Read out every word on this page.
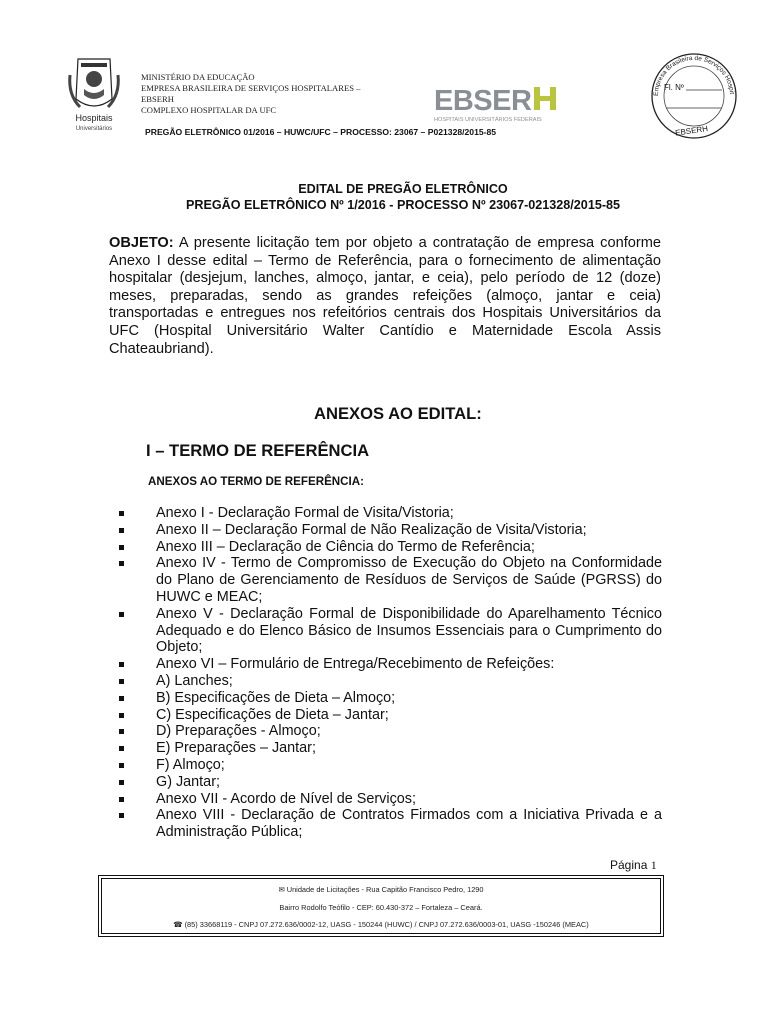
Hospitais
Universitários
MINISTÉRIO DA EDUCAÇÃO
EMPRESA BRASILEIRA DE SERVIÇOS HOSPITALARES –
EBSERH
COMPLEXO HOSPITALAR DA UFC	EBSER
HOSPITAIS UNIVERSITÁRIOS FEDERAIS
Empresa Brasileira de Serviços Hospit
Fl. Nº
EBSERH
PREGÃO ELETRÔNICO 01/2016 – HUWC/UFC – PROCESSO: 23067 – P021328/2015-85
EDITAL DE PREGÃO ELETRÔNICO
PREGÃO ELETRÔNICO Nº 1/2016 - PROCESSO Nº 23067-021328/2015-85
OBJETO: A presente licitação tem por objeto a contratação de empresa conforme Anexo I desse edital – Termo de Referência, para o fornecimento de alimentação hospitalar (desjejum, lanches, almoço, jantar, e ceia), pelo período de 12 (doze) meses, preparadas, sendo as grandes refeições (almoço, jantar e ceia) transportadas e entregues nos refeitórios centrais dos Hospitais Universitários da UFC (Hospital Universitário Walter Cantídio e Maternidade Escola Assis Chateaubriand).
ANEXOS AO EDITAL:
I – TERMO DE REFERÊNCIA
ANEXOS AO TERMO DE REFERÊNCIA:
Anexo I - Declaração Formal de Visita/Vistoria;
Anexo II – Declaração Formal de Não Realização de Visita/Vistoria;
Anexo III – Declaração de Ciência do Termo de Referência;
Anexo IV - Termo de Compromisso de Execução do Objeto na Conformidade do Plano de Gerenciamento de Resíduos de Serviços de Saúde (PGRSS) do HUWC e MEAC;
Anexo V - Declaração Formal de Disponibilidade do Aparelhamento Técnico Adequado e do Elenco Básico de Insumos Essenciais para o Cumprimento do Objeto;
Anexo VI – Formulário de Entrega/Recebimento de Refeições:
A) Lanches;
B) Especificações de Dieta – Almoço;
C) Especificações de Dieta – Jantar;
D) Preparações - Almoço;
E) Preparações – Jantar;
F) Almoço;
G) Jantar;
Anexo VII - Acordo de Nível de Serviços;
Anexo VIII - Declaração de Contratos Firmados com a Iniciativa Privada e a Administração Pública;
Página 1
✉ Unidade de Licitações - Rua Capitão Francisco Pedro, 1290
Bairro Rodolfo Teófilo - CEP: 60.430-372 – Fortaleza – Ceará.
☎ (85) 33668119 - CNPJ 07.272.636/0002-12, UASG - 150244 (HUWC) / CNPJ 07.272.636/0003-01, UASG -150246 (MEAC)
